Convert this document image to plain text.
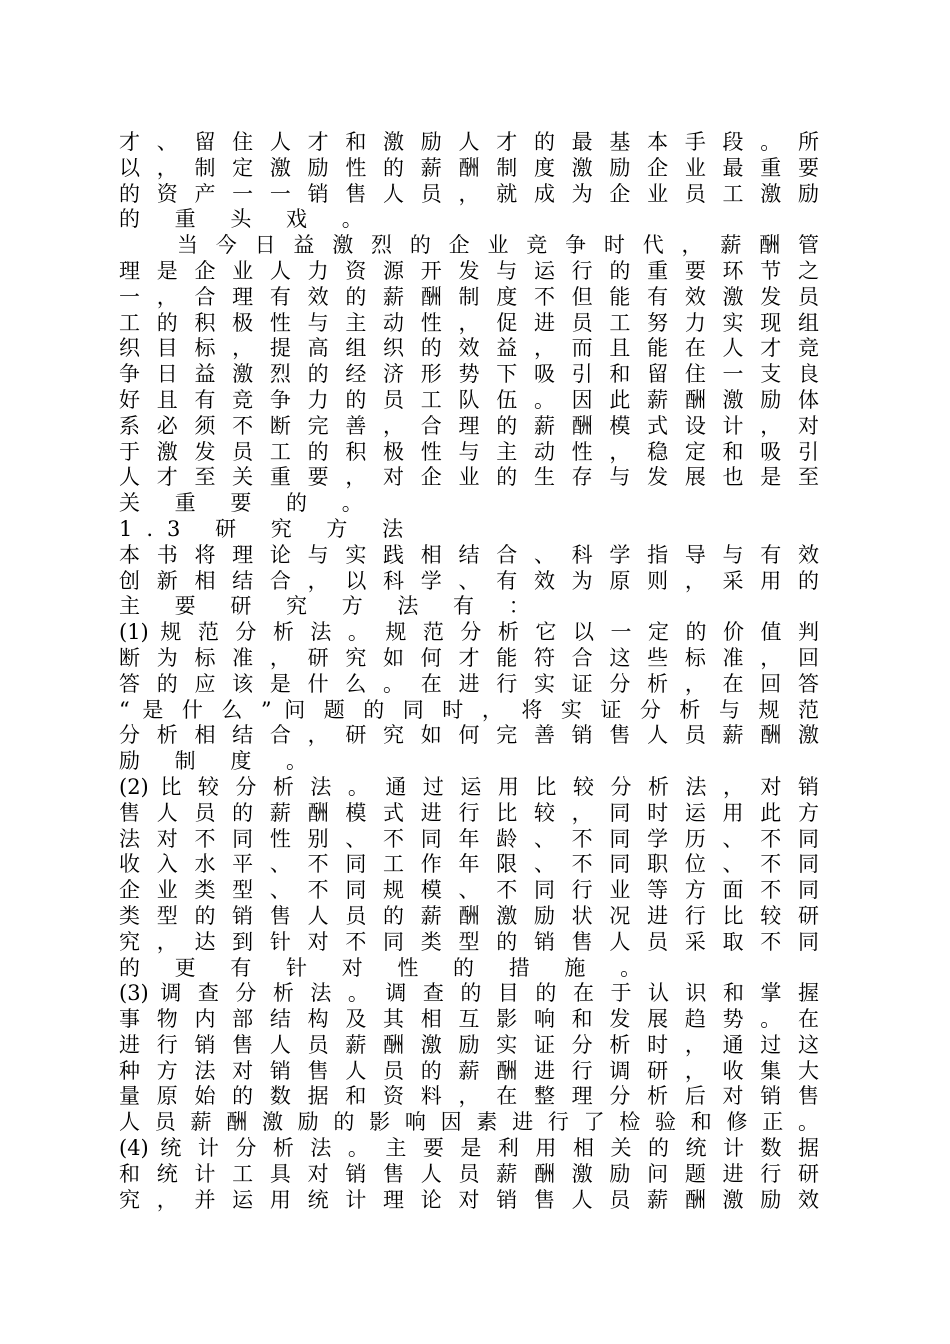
才 、 留 住 人 才 和 激 励 人 才 的 最 基 本 手 段 。 所
以 ， 制 定 激 励 性 的 薪 酬 制 度 激 励 企 业 最 重 要
的 资 产 一 一 销 售 人 员 ， 就 成 为 企 业 员 工 激 励
的 重 头 戏 。
当 今 日 益 激 烈 的 企 业 竞 争 时 代 ， 薪 酬 管
理 是 企 业 人 力 资 源 开 发 与 运 行 的 重 要 环 节 之
一 ， 合 理 有 效 的 薪 酬 制 度 不 但 能 有 效 激 发 员
工 的 积 极 性 与 主 动 性 ， 促 进 员 工 努 力 实 现 组
织 目 标 ， 提 高 组 织 的 效 益 ， 而 且 能 在 人 才 竞
争 日 益 激 烈 的 经 济 形 势 下 吸 引 和 留 住 一 支 良
好 且 有 竞 争 力 的 员 工 队 伍 。 因 此 薪 酬 激 励 体
系 必 须 不 断 完 善 ， 合 理 的 薪 酬 模 式 设 计 ， 对
于 激 发 员 工 的 积 极 性 与 主 动 性 ， 稳 定 和 吸 引
人 才 至 关 重 要 ， 对 企 业 的 生 存 与 发 展 也 是 至
关 重 要 的 。
1.3 研 究 方 法
本 书 将 理 论 与 实 践 相 结 合 、 科 学 指 导 与 有 效
创 新 相 结 合 ， 以 科 学 、 有 效 为 原 则 ， 采 用 的
主 要 研 究 方 法 有 ：
(1) 规 范 分 析 法 。 规 范 分 析 它 以 一 定 的 价 值 判
断 为 标 准 ， 研 究 如 何 才 能 符 合 这 些 标 准 ， 回
答 的 应 该 是 什 么 。 在 进 行 实 证 分 析 ， 在 回 答
“ 是 什 么 ” 问 题 的 同 时 ， 将 实 证 分 析 与 规 范
分 析 相 结 合 ， 研 究 如 何 完 善 销 售 人 员 薪 酬 激
励 制 度 。
(2) 比 较 分 析 法 。 通 过 运 用 比 较 分 析 法 ， 对 销
售 人 员 的 薪 酬 模 式 进 行 比 较 ， 同 时 运 用 此 方
法 对 不 同 性 别 、 不 同 年 龄 、 不 同 学 历 、 不 同
收 入 水 平 、 不 同 工 作 年 限 、 不 同 职 位 、 不 同
企 业 类 型 、 不 同 规 模 、 不 同 行 业 等 方 面 不 同
类 型 的 销 售 人 员 的 薪 酬 激 励 状 况 进 行 比 较 研
究 ， 达 到 针 对 不 同 类 型 的 销 售 人 员 采 取 不 同
的 更 有 针 对 性 的 措 施 。
(3) 调 查 分 析 法 。 调 查 的 目 的 在 于 认 识 和 掌 握
事 物 内 部 结 构 及 其 相 互 影 响 和 发 展 趋 势 。 在
进 行 销 售 人 员 薪 酬 激 励 实 证 分 析 时 ， 通 过 这
种 方 法 对 销 售 人 员 的 薪 酬 进 行 调 研 ， 收 集 大
量 原 始 的 数 据 和 资 料 ， 在 整 理 分 析 后 对 销 售
人 员 薪 酬 激 励 的 影 响 因 素 进 行 了 检 验 和 修 正 。
(4) 统 计 分 析 法 。 主 要 是 利 用 相 关 的 统 计 数 据
和 统 计 工 具 对 销 售 人 员 薪 酬 激 励 问 题 进 行 研
究 ， 并 运 用 统 计 理 论 对 销 售 人 员 薪 酬 激 励 效
